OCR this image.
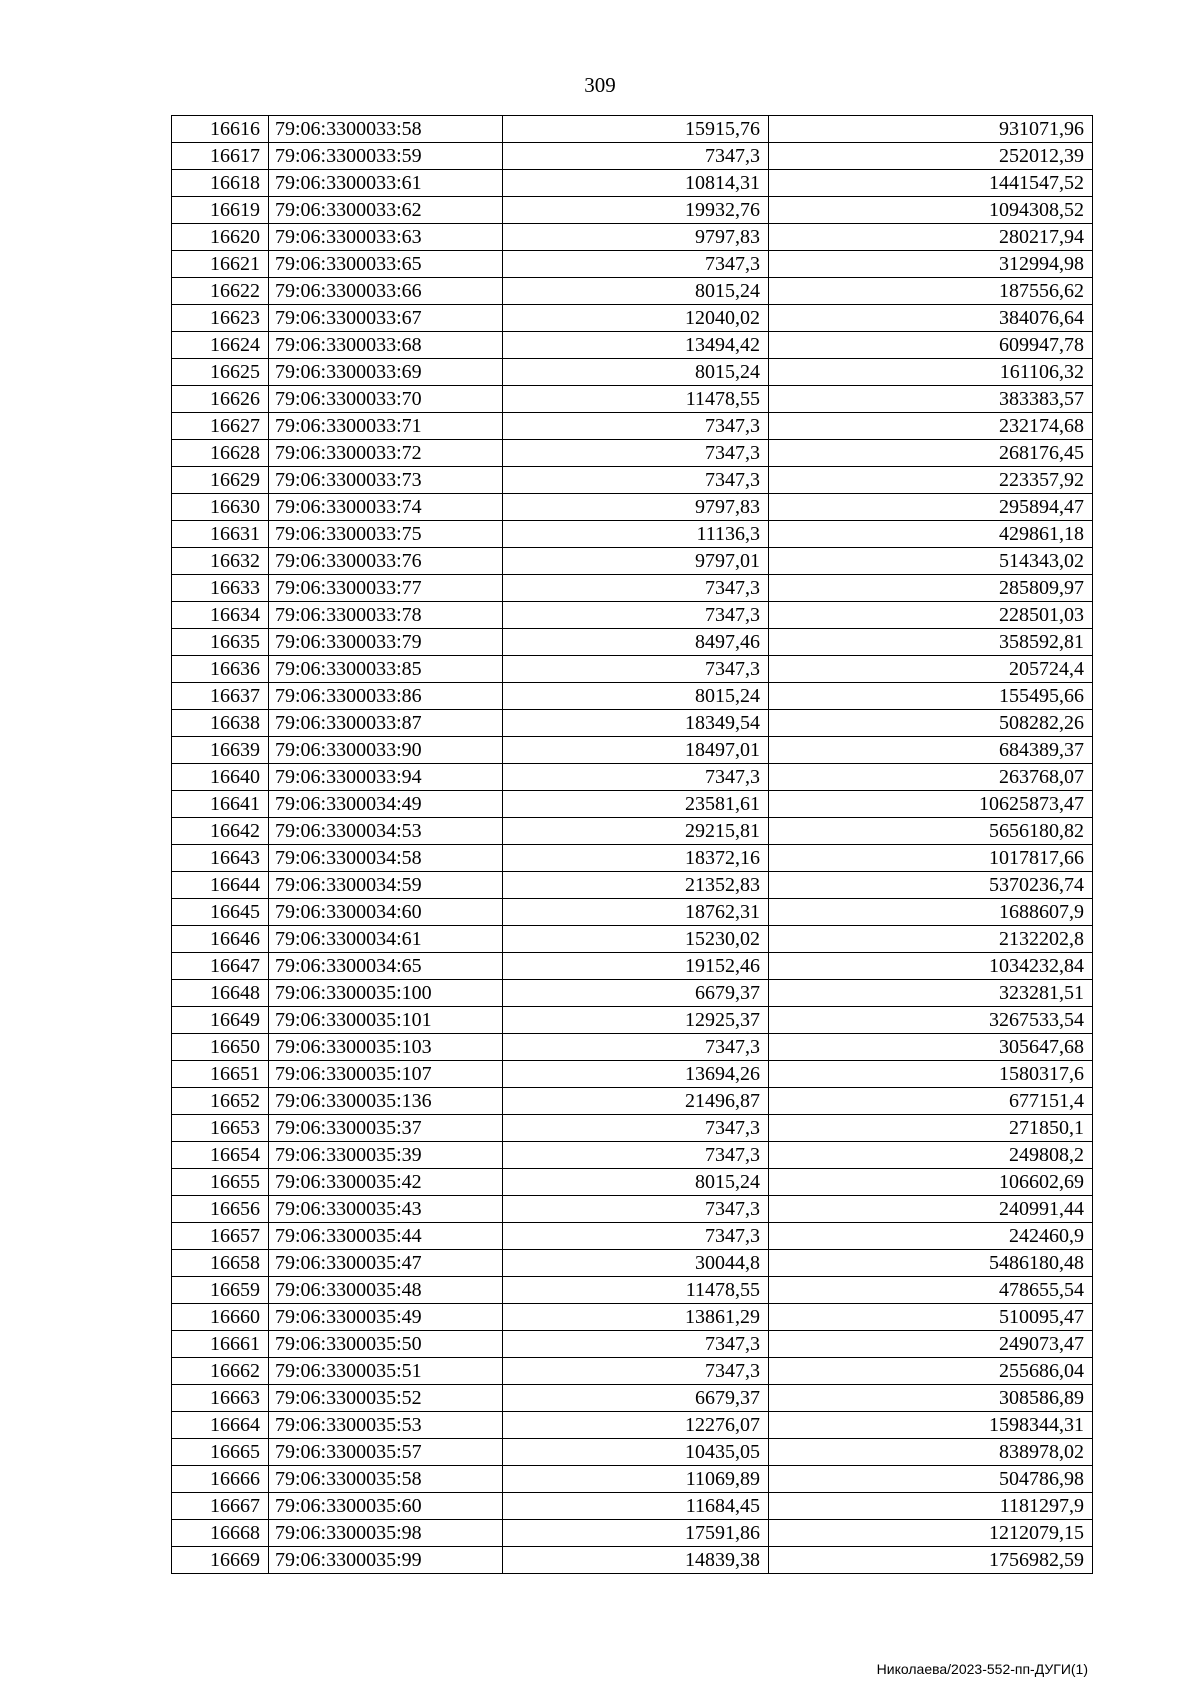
309
16616	79:06:3300033:58	15915,76	931071,96
16617	79:06:3300033:59	7347,3	252012,39
16618	79:06:3300033:61	10814,31	1441547,52
16619	79:06:3300033:62	19932,76	1094308,52
16620	79:06:3300033:63	9797,83	280217,94
16621	79:06:3300033:65	7347,3	312994,98
16622	79:06:3300033:66	8015,24	187556,62
16623	79:06:3300033:67	12040,02	384076,64
16624	79:06:3300033:68	13494,42	609947,78
16625	79:06:3300033:69	8015,24	161106,32
16626	79:06:3300033:70	11478,55	383383,57
16627	79:06:3300033:71	7347,3	232174,68
16628	79:06:3300033:72	7347,3	268176,45
16629	79:06:3300033:73	7347,3	223357,92
16630	79:06:3300033:74	9797,83	295894,47
16631	79:06:3300033:75	11136,3	429861,18
16632	79:06:3300033:76	9797,01	514343,02
16633	79:06:3300033:77	7347,3	285809,97
16634	79:06:3300033:78	7347,3	228501,03
16635	79:06:3300033:79	8497,46	358592,81
16636	79:06:3300033:85	7347,3	205724,4
16637	79:06:3300033:86	8015,24	155495,66
16638	79:06:3300033:87	18349,54	508282,26
16639	79:06:3300033:90	18497,01	684389,37
16640	79:06:3300033:94	7347,3	263768,07
16641	79:06:3300034:49	23581,61	10625873,47
16642	79:06:3300034:53	29215,81	5656180,82
16643	79:06:3300034:58	18372,16	1017817,66
16644	79:06:3300034:59	21352,83	5370236,74
16645	79:06:3300034:60	18762,31	1688607,9
16646	79:06:3300034:61	15230,02	2132202,8
16647	79:06:3300034:65	19152,46	1034232,84
16648	79:06:3300035:100	6679,37	323281,51
16649	79:06:3300035:101	12925,37	3267533,54
16650	79:06:3300035:103	7347,3	305647,68
16651	79:06:3300035:107	13694,26	1580317,6
16652	79:06:3300035:136	21496,87	677151,4
16653	79:06:3300035:37	7347,3	271850,1
16654	79:06:3300035:39	7347,3	249808,2
16655	79:06:3300035:42	8015,24	106602,69
16656	79:06:3300035:43	7347,3	240991,44
16657	79:06:3300035:44	7347,3	242460,9
16658	79:06:3300035:47	30044,8	5486180,48
16659	79:06:3300035:48	11478,55	478655,54
16660	79:06:3300035:49	13861,29	510095,47
16661	79:06:3300035:50	7347,3	249073,47
16662	79:06:3300035:51	7347,3	255686,04
16663	79:06:3300035:52	6679,37	308586,89
16664	79:06:3300035:53	12276,07	1598344,31
16665	79:06:3300035:57	10435,05	838978,02
16666	79:06:3300035:58	11069,89	504786,98
16667	79:06:3300035:60	11684,45	1181297,9
16668	79:06:3300035:98	17591,86	1212079,15
16669	79:06:3300035:99	14839,38	1756982,59
Николаева/2023-552-пп-ДУГИ(1)
